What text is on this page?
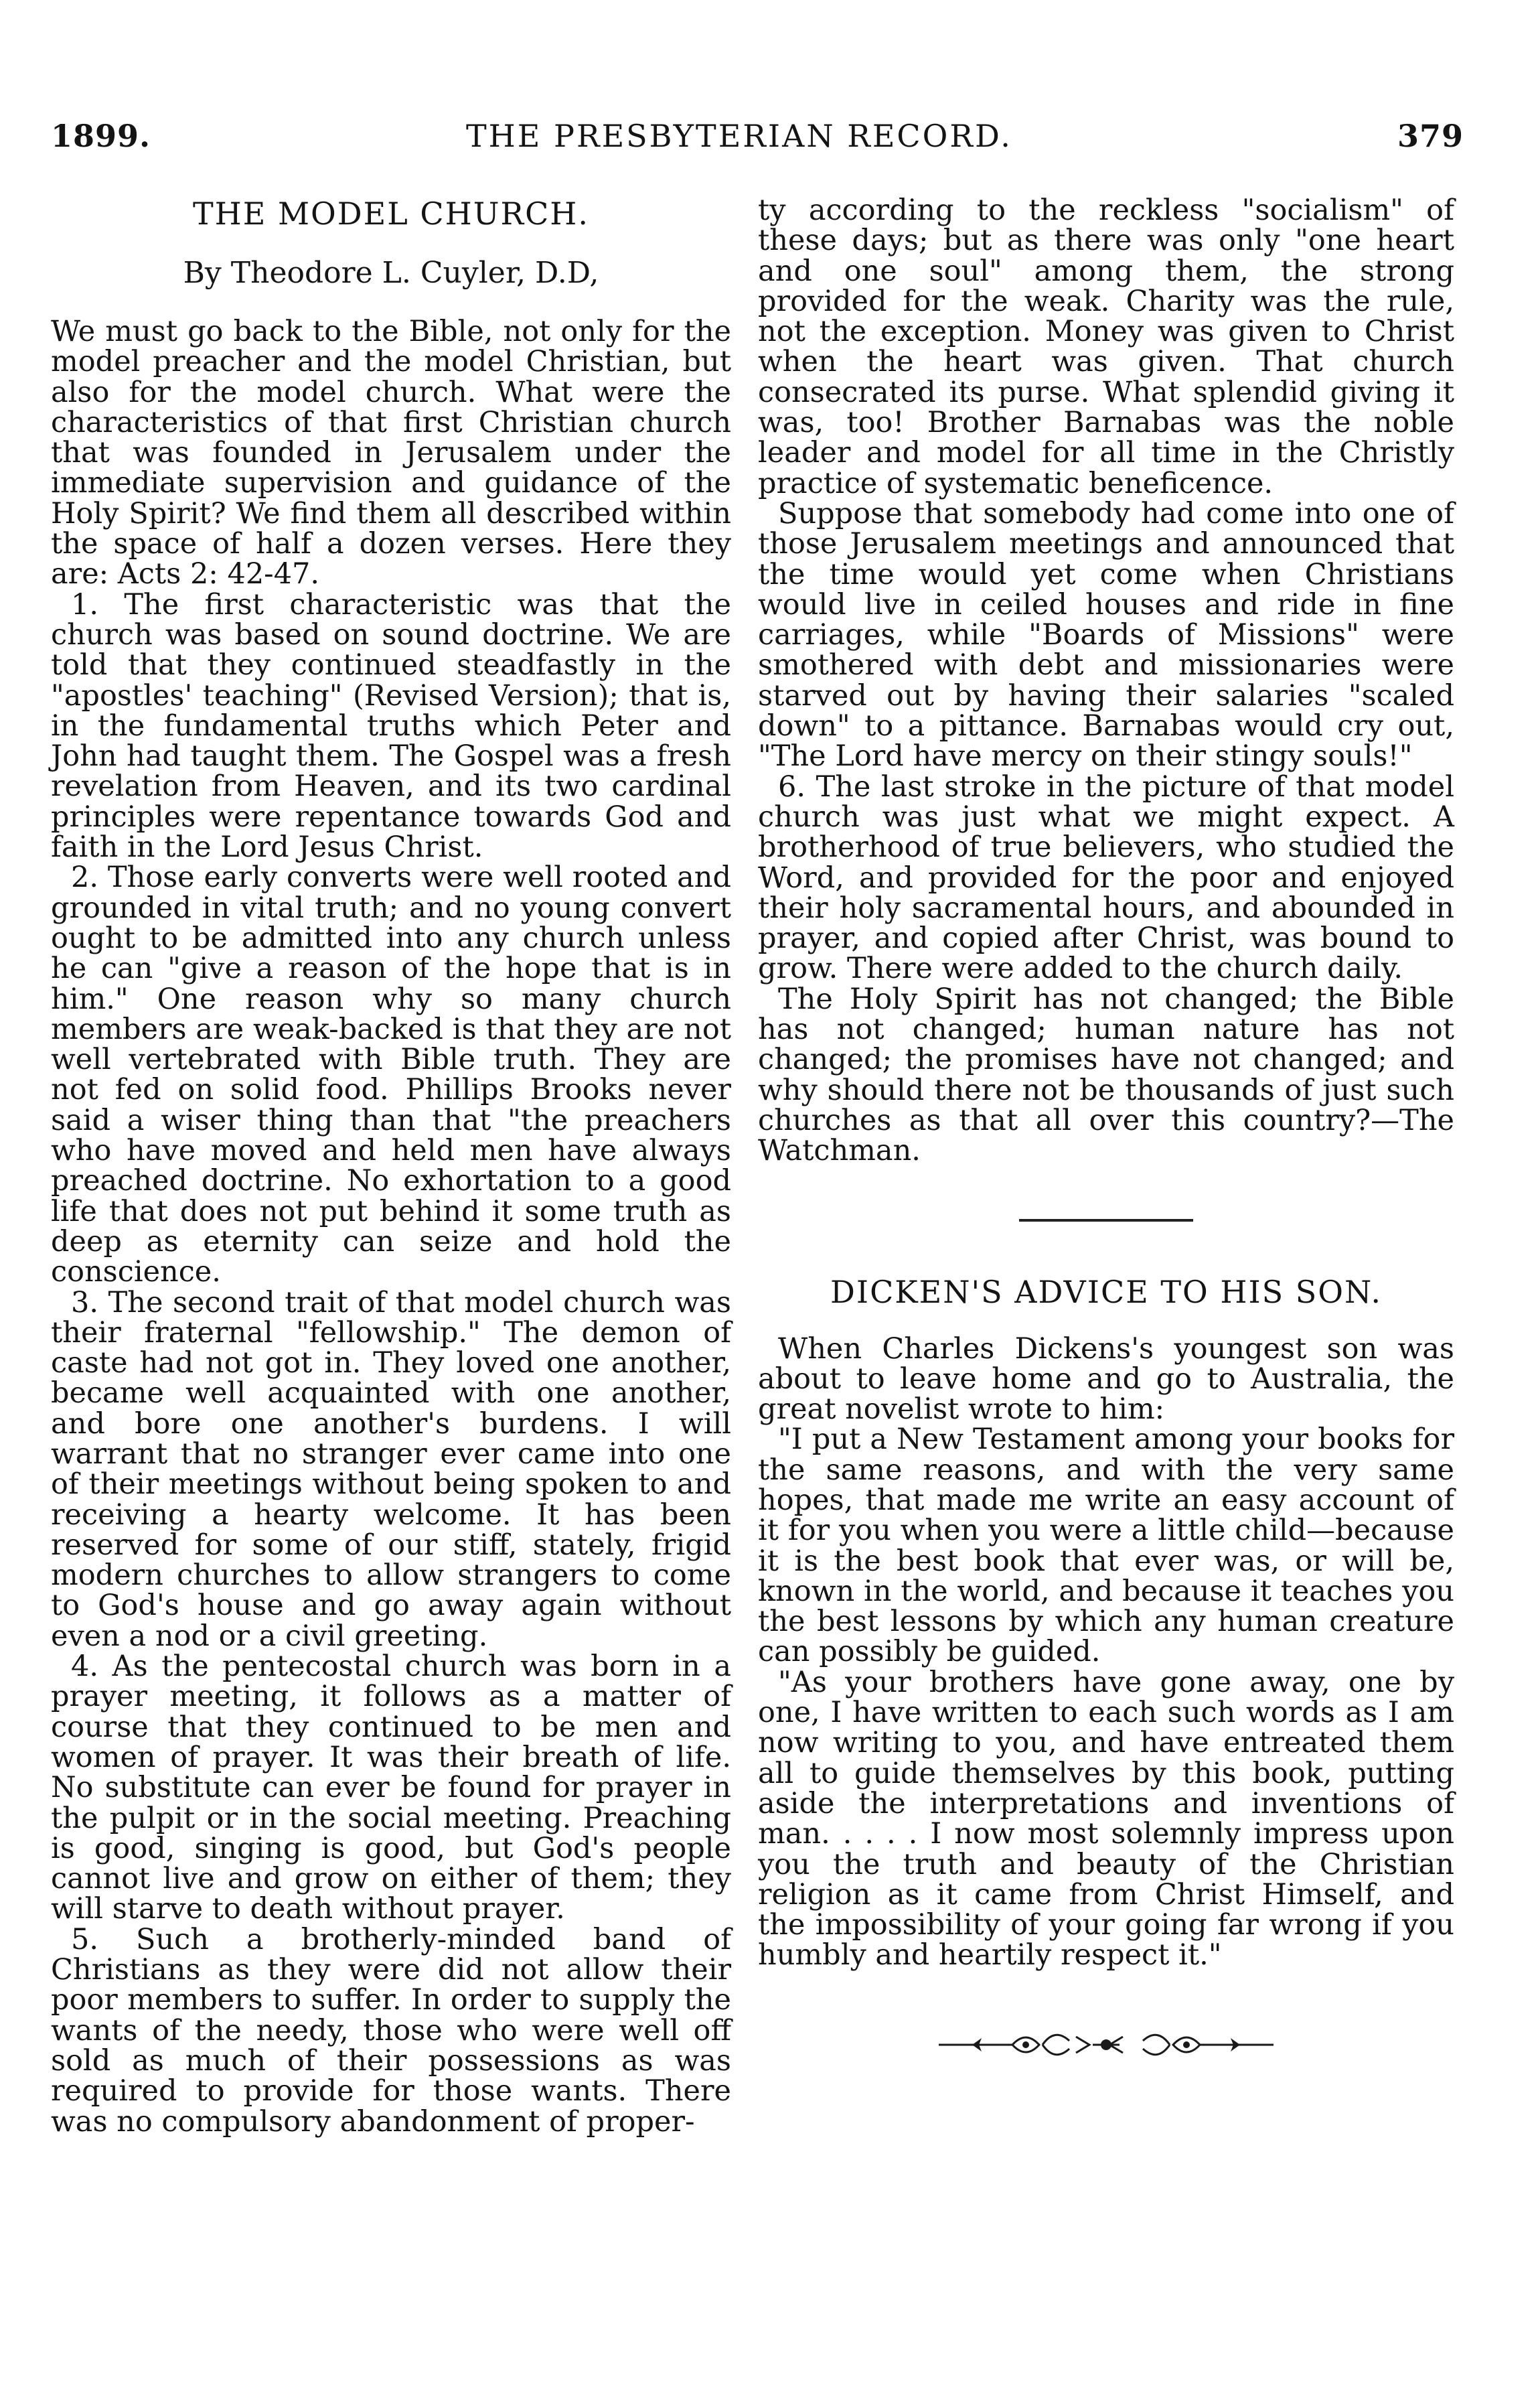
1899.	THE PRESBYTERIAN RECORD.	379
THE MODEL CHURCH.
By Theodore L. Cuyler, D.D,

We must go back to the Bible, not only for the model preacher and the model Christian, but also for the model church. What were the characteristics of that first Christian church that was founded in Jerusalem under the immediate supervision and guidance of the Holy Spirit? We find them all described within the space of half a dozen verses. Here they are: Acts 2: 42-47.

1. The first characteristic was that the church was based on sound doctrine. We are told that they continued steadfastly in the "apostles' teaching" (Revised Version); that is, in the fundamental truths which Peter and John had taught them. The Gospel was a fresh revelation from Heaven, and its two cardinal principles were repentance towards God and faith in the Lord Jesus Christ.

2. Those early converts were well rooted and grounded in vital truth; and no young convert ought to be admitted into any church unless he can "give a reason of the hope that is in him." One reason why so many church members are weak-backed is that they are not well vertebrated with Bible truth. They are not fed on solid food. Phillips Brooks never said a wiser thing than that "the preachers who have moved and held men have always preached doctrine. No exhortation to a good life that does not put behind it some truth as deep as eternity can seize and hold the conscience.

3. The second trait of that model church was their fraternal "fellowship." The demon of caste had not got in. They loved one another, became well acquainted with one another, and bore one another's burdens. I will warrant that no stranger ever came into one of their meetings without being spoken to and receiving a hearty welcome. It has been reserved for some of our stiff, stately, frigid modern churches to allow strangers to come to God's house and go away again without even a nod or a civil greeting.

4. As the pentecostal church was born in a prayer meeting, it follows as a matter of course that they continued to be men and women of prayer. It was their breath of life. No substitute can ever be found for prayer in the pulpit or in the social meeting. Preaching is good, singing is good, but God's people cannot live and grow on either of them; they will starve to death without prayer.

5. Such a brotherly-minded band of Christians as they were did not allow their poor members to suffer. In order to supply the wants of the needy, those who were well off sold as much of their possessions as was required to provide for those wants. There was no compulsory abandonment of proper-

ty according to the reckless "socialism" of these days; but as there was only "one heart and one soul" among them, the strong provided for the weak. Charity was the rule, not the exception. Money was given to Christ when the heart was given. That church consecrated its purse. What splendid giving it was, too! Brother Barnabas was the noble leader and model for all time in the Christly practice of systematic beneficence.

Suppose that somebody had come into one of those Jerusalem meetings and announced that the time would yet come when Christians would live in ceiled houses and ride in fine carriages, while "Boards of Missions" were smothered with debt and missionaries were starved out by having their salaries "scaled down" to a pittance. Barnabas would cry out, "The Lord have mercy on their stingy souls!"

6. The last stroke in the picture of that model church was just what we might expect. A brotherhood of true believers, who studied the Word, and provided for the poor and enjoyed their holy sacramental hours, and abounded in prayer, and copied after Christ, was bound to grow. There were added to the church daily.

The Holy Spirit has not changed; the Bible has not changed; human nature has not changed; the promises have not changed; and why should there not be thousands of just such churches as that all over this country?—The Watchman.

DICKEN'S ADVICE TO HIS SON.

When Charles Dickens's youngest son was about to leave home and go to Australia, the great novelist wrote to him:

"I put a New Testament among your books for the same reasons, and with the very same hopes, that made me write an easy account of it for you when you were a little child—because it is the best book that ever was, or will be, known in the world, and because it teaches you the best lessons by which any human creature can possibly be guided.

"As your brothers have gone away, one by one, I have written to each such words as I am now writing to you, and have entreated them all to guide themselves by this book, putting aside the interpretations and inventions of man. . . . . I now most solemnly impress upon you the truth and beauty of the Christian religion as it came from Christ Himself, and the impossibility of your going far wrong if you humbly and heartily respect it."
